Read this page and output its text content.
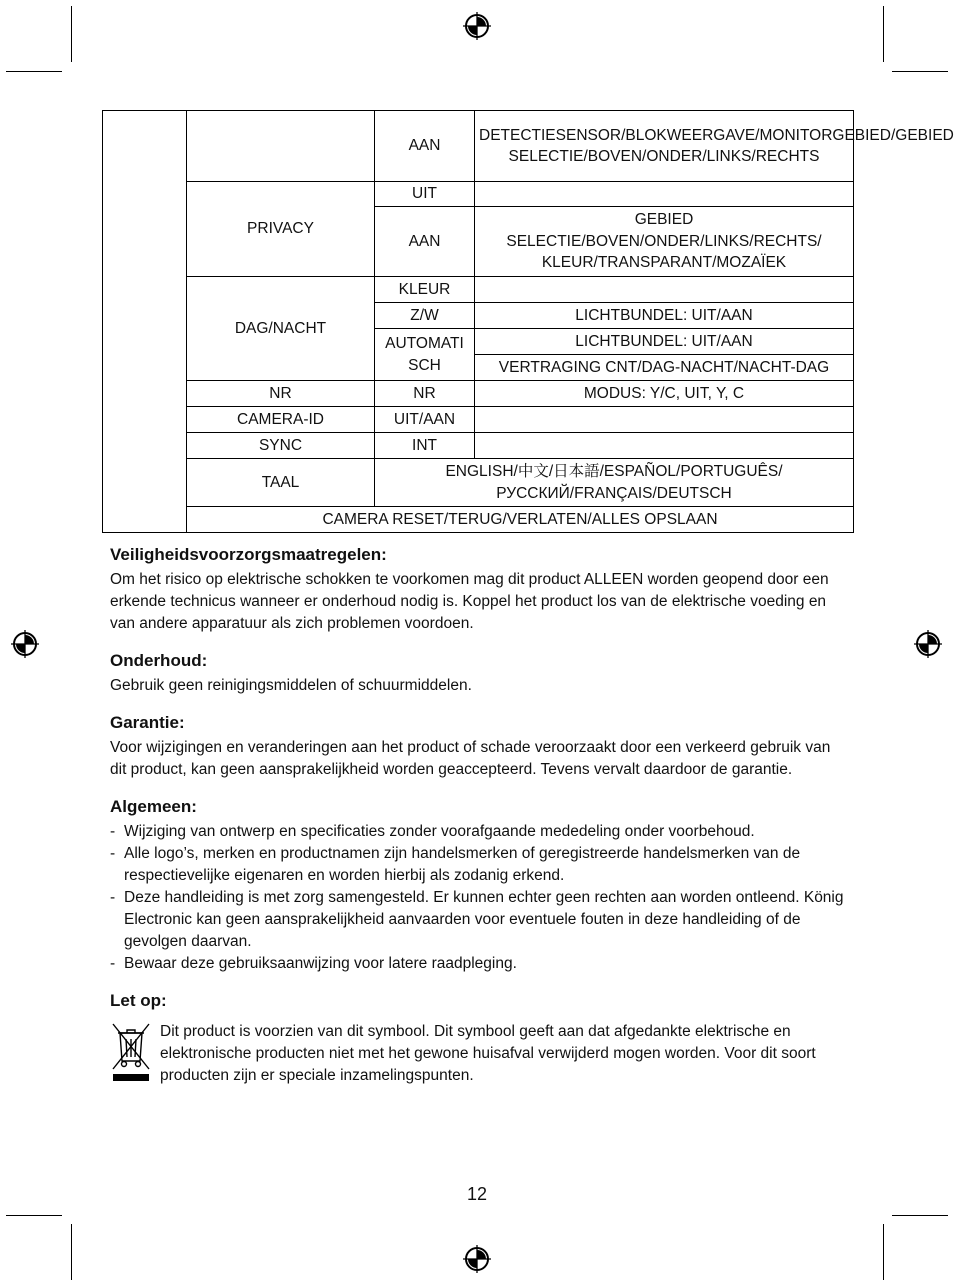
		AAN	DETECTIESENSOR/BLOKWEERGAVE/MONITORGEBIED/GEBIED SELECTIE/BOVEN/ONDER/LINKS/RECHTS
	PRIVACY	UIT	
		AAN	GEBIED SELECTIE/BOVEN/ONDER/LINKS/RECHTS/ KLEUR/TRANSPARANT/MOZAÏEK
	DAG/NACHT	KLEUR	
		Z/W	LICHTBUNDEL: UIT/AAN
		AUTOMATI SCH	LICHTBUNDEL: UIT/AAN
			VERTRAGING CNT/DAG-NACHT/NACHT-DAG
	NR	NR	MODUS: Y/C, UIT, Y, C
	CAMERA-ID	UIT/AAN	
	SYNC	INT	
	TAAL	ENGLISH/中文/日本語/ESPAÑOL/PORTUGUÊS/ РУССКИЙ/FRANÇAIS/DEUTSCH	
	CAMERA RESET/TERUG/VERLATEN/ALLES OPSLAAN		
Veiligheidsvoorzorgsmaatregelen:

Om het risico op elektrische schokken te voorkomen mag dit product ALLEEN worden geopend door een erkende technicus wanneer er onderhoud nodig is. Koppel het product los van de elektrische voeding en van andere apparatuur als zich problemen voordoen.

Onderhoud:

Gebruik geen reinigingsmiddelen of schuurmiddelen.

Garantie:

Voor wijzigingen en veranderingen aan het product of schade veroorzaakt door een verkeerd gebruik van dit product, kan geen aansprakelijkheid worden geaccepteerd. Tevens vervalt daardoor de garantie.

Algemeen:
- Wijziging van ontwerp en specificaties zonder voorafgaande mededeling onder voorbehoud.
- Alle logo’s, merken en productnamen zijn handelsmerken of geregistreerde handelsmerken van de respectievelijke eigenaren en worden hierbij als zodanig erkend.
- Deze handleiding is met zorg samengesteld. Er kunnen echter geen rechten aan worden ontleend. König Electronic kan geen aansprakelijkheid aanvaarden voor eventuele fouten in deze handleiding of de gevolgen daarvan.
- Bewaar deze gebruiksaanwijzing voor latere raadpleging.
Let op:
Dit product is voorzien van dit symbool. Dit symbool geeft aan dat afgedankte elektrische en elektronische producten niet met het gewone huisafval verwijderd mogen worden. Voor dit soort producten zijn er speciale inzamelingspunten.
12
